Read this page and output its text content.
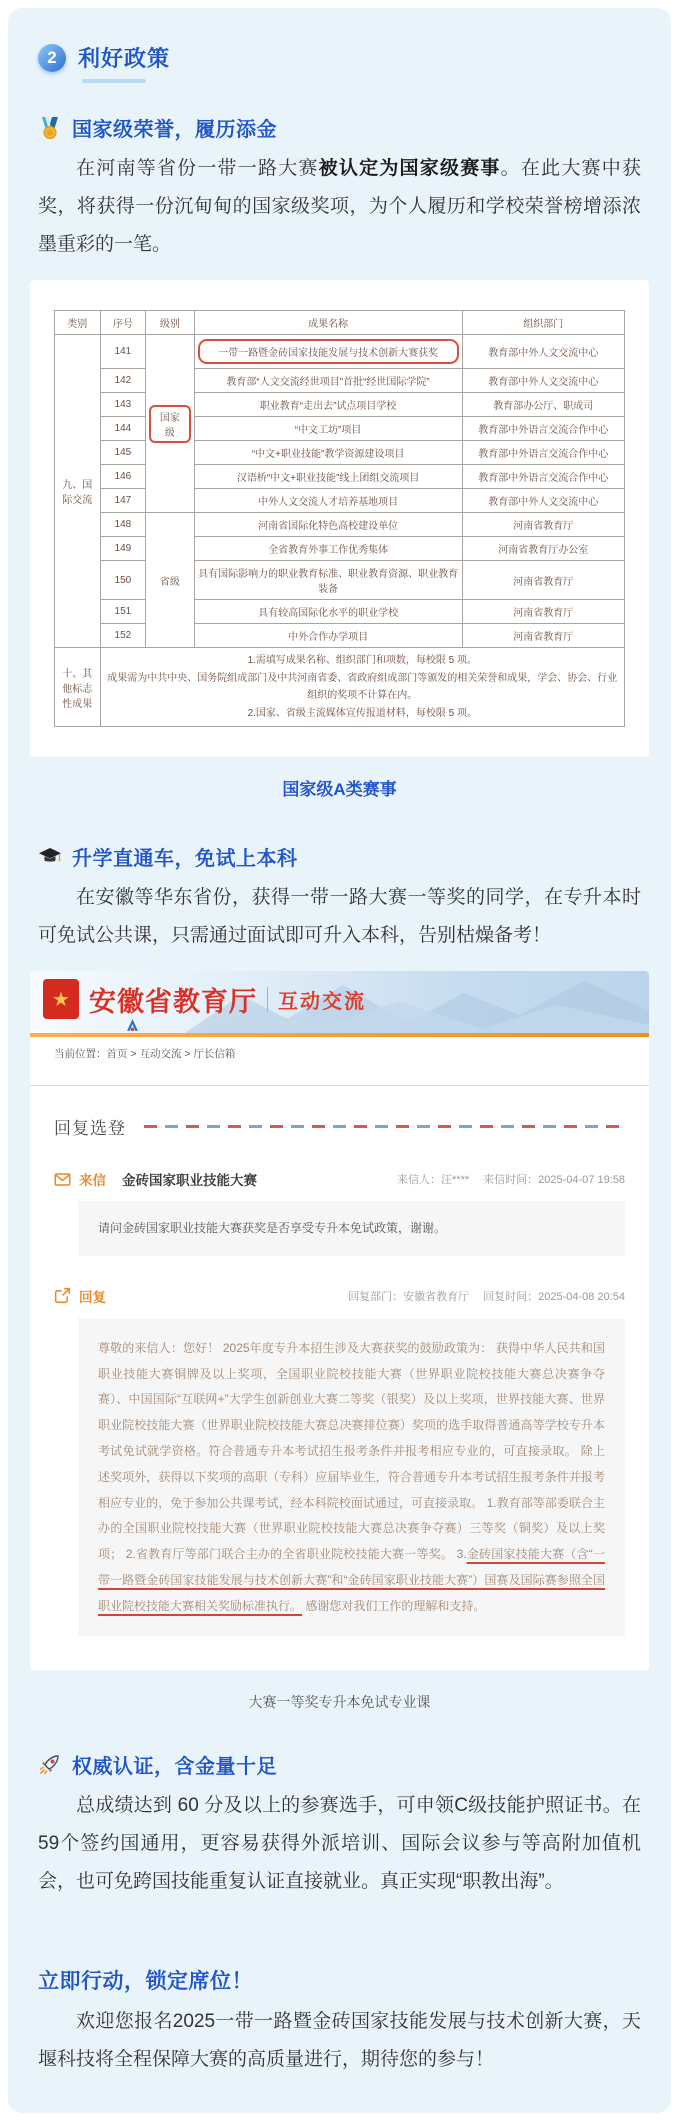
2 利好政策
国家级荣誉，履历添金

在河南等省份一带一路大赛被认定为国家级赛事。在此大赛中获奖，将获得一份沉甸甸的国家级奖项，为个人履历和学校荣誉榜增添浓墨重彩的一笔。

类别	序号	级别	成果名称	组织部门
九、国际交流	141	国家级	一带一路暨金砖国家技能发展与技术创新大赛获奖	教育部中外人文交流中心
	142		教育部“人文交流经世项目”首批“经世国际学院”	教育部中外人文交流中心
	143		职业教育“走出去”试点项目学校	教育部办公厅、职成司
	144		“中文工坊”项目	教育部中外语言交流合作中心
	145		“中文+职业技能”教学资源建设项目	教育部中外语言交流合作中心
	146		汉语桥“中文+职业技能”线上团组交流项目	教育部中外语言交流合作中心
	147		中外人文交流人才培养基地项目	教育部中外人文交流中心
	148	省级	河南省国际化特色高校建设单位	河南省教育厅
	149		全省教育外事工作优秀集体	河南省教育厅办公室
	150		具有国际影响力的职业教育标准、职业教育资源、职业教育装备	河南省教育厅
	151		具有较高国际化水平的职业学校	河南省教育厅
	152		中外合作办学项目	河南省教育厅
十、其他标志性成果	1.需填写成果名称、组织部门和项数，每校限 5 项。
成果需为中共中央、国务院组成部门及中共河南省委、省政府组成部门等颁发的相关荣誉和成果，学会、协会、行业组织的奖项不计算在内。
2.国家、省级主流媒体宣传报道材料，每校限 5 项。			
国家级A类赛事
升学直通车，免试上本科

在安徽等华东省份，获得一带一路大赛一等奖的同学，在专升本时可免试公共课，只需通过面试即可升入本科，告别枯燥备考！

★ 安徽省教育厅 互动交流
当前位置：首页 > 互动交流 > 厅长信箱
回复选登
来信 金砖国家职业技能大赛	来信人：汪**** 来信时间：2025-04-07 19:58
请问金砖国家职业技能大赛获奖是否享受专升本免试政策，谢谢。
回复	回复部门：安徽省教育厅 回复时间：2025-04-08 20:54
尊敬的来信人：您好！ 2025年度专升本招生涉及大赛获奖的鼓励政策为： 获得中华人民共和国职业技能大赛铜牌及以上奖项，全国职业院校技能大赛（世界职业院校技能大赛总决赛争夺赛）、中国国际“互联网+”大学生创新创业大赛二等奖（银奖）及以上奖项，世界技能大赛、世界职业院校技能大赛（世界职业院校技能大赛总决赛排位赛）奖项的选手取得普通高等学校专升本考试免试就学资格。符合普通专升本考试招生报考条件并报考相应专业的，可直接录取。 除上述奖项外，获得以下奖项的高职（专科）应届毕业生，符合普通专升本考试招生报考条件并报考相应专业的，免于参加公共课考试，经本科院校面试通过，可直接录取。 1.教育部等部委联合主办的全国职业院校技能大赛（世界职业院校技能大赛总决赛争夺赛）三等奖（铜奖）及以上奖项； 2.省教育厅等部门联合主办的全省职业院校技能大赛一等奖。 3.金砖国家技能大赛（含“一带一路暨金砖国家技能发展与技术创新大赛”和“金砖国家职业技能大赛”）国赛及国际赛参照全国职业院校技能大赛相关奖励标准执行。 感谢您对我们工作的理解和支持。
大赛一等奖专升本免试专业课
权威认证，含金量十足

总成绩达到 60 分及以上的参赛选手，可申领C级技能护照证书。在59个签约国通用，更容易获得外派培训、国际会议参与等高附加值机会，也可免跨国技能重复认证直接就业。真正实现“职教出海”。

立即行动，锁定席位！

欢迎您报名2025一带一路暨金砖国家技能发展与技术创新大赛，天堰科技将全程保障大赛的高质量进行，期待您的参与！
